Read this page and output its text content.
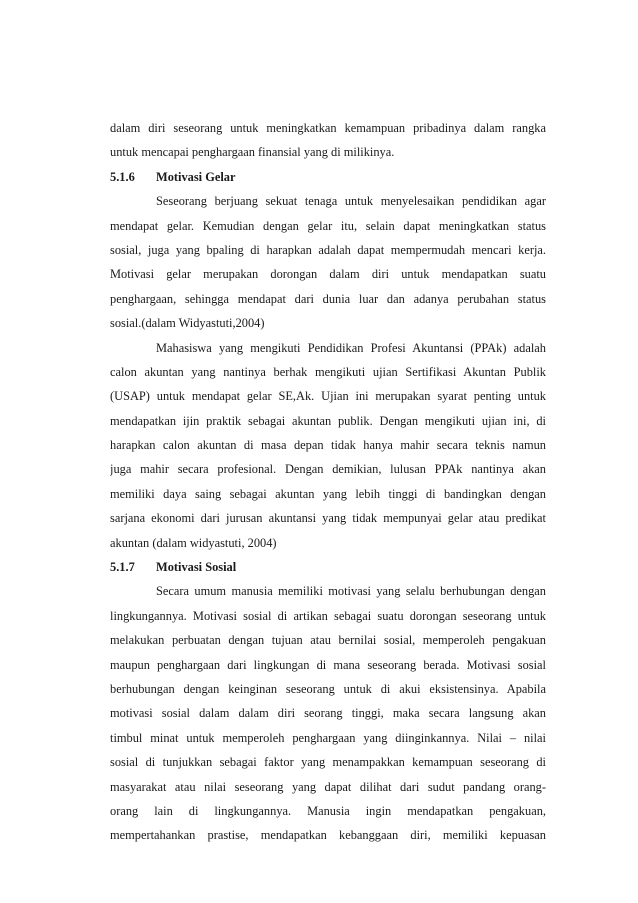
dalam diri seseorang untuk meningkatkan kemampuan pribadinya dalam rangka
untuk mencapai penghargaan finansial yang di milikinya.
5.1.6 Motivasi Gelar
Seseorang berjuang sekuat tenaga untuk menyelesaikan pendidikan agar
mendapat gelar. Kemudian dengan gelar itu, selain dapat meningkatkan status
sosial, juga yang bpaling di harapkan adalah dapat mempermudah mencari kerja.
Motivasi gelar merupakan dorongan dalam diri untuk mendapatkan suatu
penghargaan, sehingga mendapat dari dunia luar dan adanya perubahan status
sosial.(dalam Widyastuti,2004)
Mahasiswa yang mengikuti Pendidikan Profesi Akuntansi (PPAk) adalah
calon akuntan yang nantinya berhak mengikuti ujian Sertifikasi Akuntan Publik
(USAP) untuk mendapat gelar SE,Ak. Ujian ini merupakan syarat penting untuk
mendapatkan ijin praktik sebagai akuntan publik. Dengan mengikuti ujian ini, di
harapkan calon akuntan di masa depan tidak hanya mahir secara teknis namun
juga mahir secara profesional. Dengan demikian, lulusan PPAk nantinya akan
memiliki daya saing sebagai akuntan yang lebih tinggi di bandingkan dengan
sarjana ekonomi dari jurusan akuntansi yang tidak mempunyai gelar atau predikat
akuntan (dalam widyastuti, 2004)
5.1.7 Motivasi Sosial
Secara umum manusia memiliki motivasi yang selalu berhubungan dengan
lingkungannya. Motivasi sosial di artikan sebagai suatu dorongan seseorang untuk
melakukan perbuatan dengan tujuan atau bernilai sosial, memperoleh pengakuan
maupun penghargaan dari lingkungan di mana seseorang berada. Motivasi sosial
berhubungan dengan keinginan seseorang untuk di akui eksistensinya. Apabila
motivasi sosial dalam dalam diri seorang tinggi, maka secara langsung akan
timbul minat untuk memperoleh penghargaan yang diinginkannya. Nilai – nilai
sosial di tunjukkan sebagai faktor yang menampakkan kemampuan seseorang di
masyarakat atau nilai seseorang yang dapat dilihat dari sudut pandang orang-
orang lain di lingkungannya. Manusia ingin mendapatkan pengakuan,
mempertahankan prastise, mendapatkan kebanggaan diri, memiliki kepuasan
